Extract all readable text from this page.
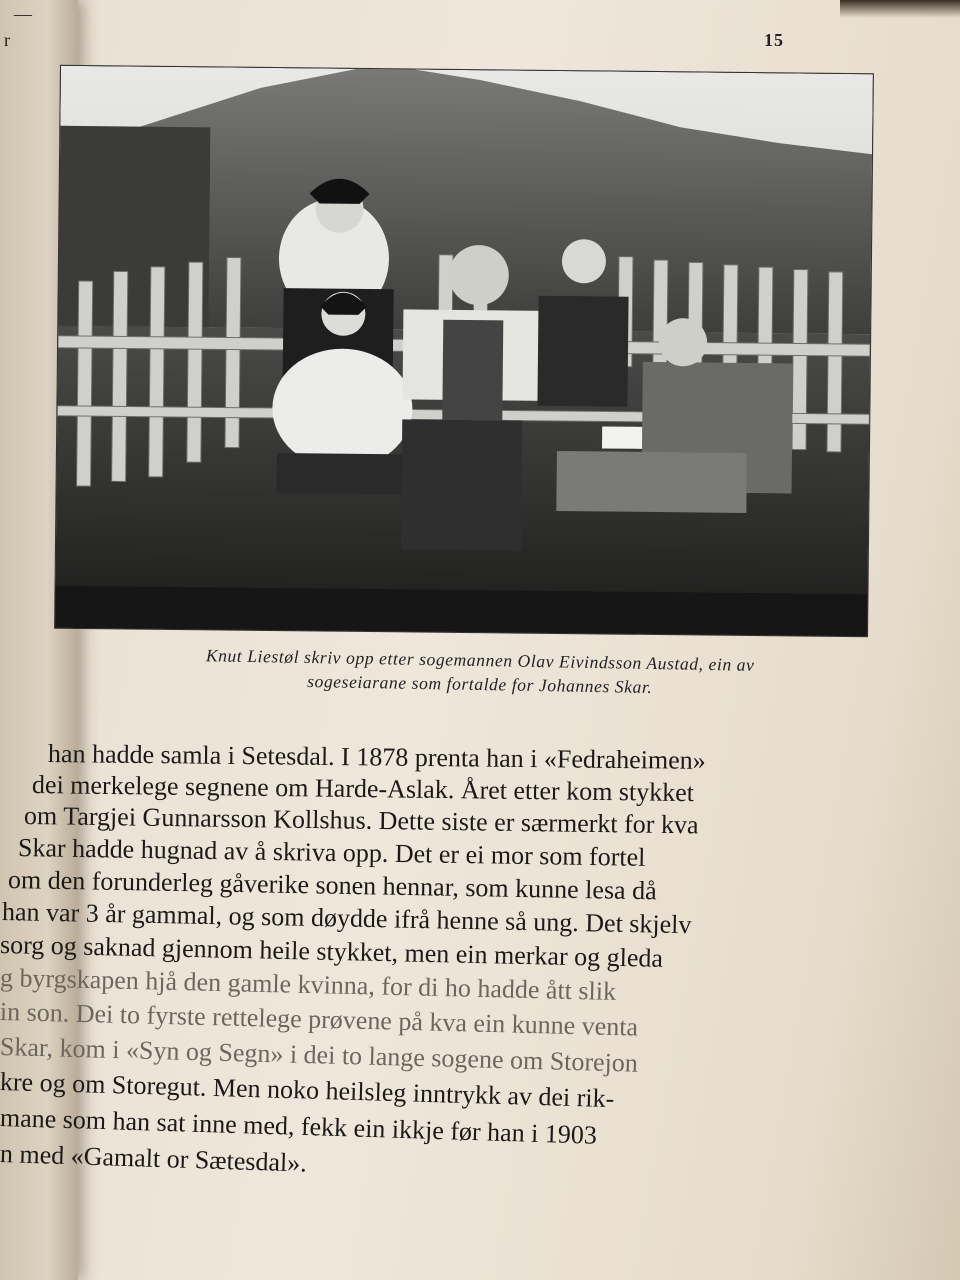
r
—
15
Knut Liestøl skriv opp etter sogemannen Olav Eivindsson Austad, ein av
sogeseiarane som fortalde for Johannes Skar.
han hadde samla i Setesdal. I 1878 prenta han i «Fedraheimen»
dei merkelege segnene om Harde-Aslak. Året etter kom stykket
om Targjei Gunnarsson Kollshus. Dette siste er særmerkt for kva
Skar hadde hugnad av å skriva opp. Det er ei mor som fortel
om den forunderleg gåverike sonen hennar, som kunne lesa då
han var 3 år gammal, og som døydde ifrå henne så ung. Det skjelv
sorg og saknad gjennom heile stykket, men ein merkar og gleda
g byrgskapen hjå den gamle kvinna, for di ho hadde ått slik
in son. Dei to fyrste rettelege prøvene på kva ein kunne venta
Skar, kom i «Syn og Segn» i dei to lange sogene om Storejon
kre og om Storegut. Men noko heilsleg inntrykk av dei rik-
mane som han sat inne med, fekk ein ikkje før han i 1903
n med «Gamalt or Sætesdal».
